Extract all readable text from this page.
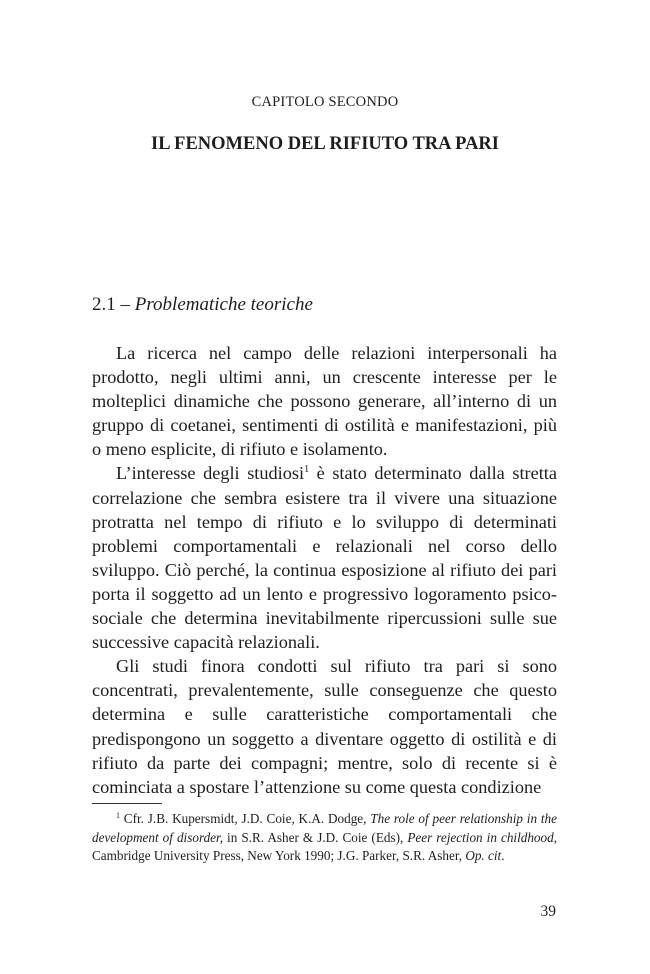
CAPITOLO SECONDO
IL FENOMENO DEL RIFIUTO TRA PARI
2.1 – Problematiche teoriche

La ricerca nel campo delle relazioni interpersonali ha prodotto, negli ultimi anni, un crescente interesse per le molteplici dinamiche che possono generare, all’interno di un gruppo di coetanei, sentimenti di ostilità e manifestazioni, più o meno esplicite, di rifiuto e isolamento.

L’interesse degli studiosi$^1$ è stato determinato dalla stretta correlazione che sembra esistere tra il vivere una situazione protratta nel tempo di rifiuto e lo sviluppo di determinati problemi comportamentali e relazionali nel corso dello sviluppo. Ciò perché, la continua esposizione al rifiuto dei pari porta il soggetto ad un lento e progressivo logoramento psico-sociale che determina inevitabilmente ripercussioni sulle sue successive capacità relazionali.

Gli studi finora condotti sul rifiuto tra pari si sono concentrati, prevalentemente, sulle conseguenze che questo determina e sulle caratteristiche comportamentali che predispongono un soggetto a diventare oggetto di ostilità e di rifiuto da parte dei compagni; mentre, solo di recente si è cominciata a spostare l’attenzione su come questa condizione

$^1$ Cfr. J.B. Kupersmidt, J.D. Coie, K.A. Dodge, The role of peer relationship in the development of disorder, in S.R. Asher & J.D. Coie (Eds), Peer rejection in childhood, Cambridge University Press, New York 1990; J.G. Parker, S.R. Asher, Op. cit.

39
